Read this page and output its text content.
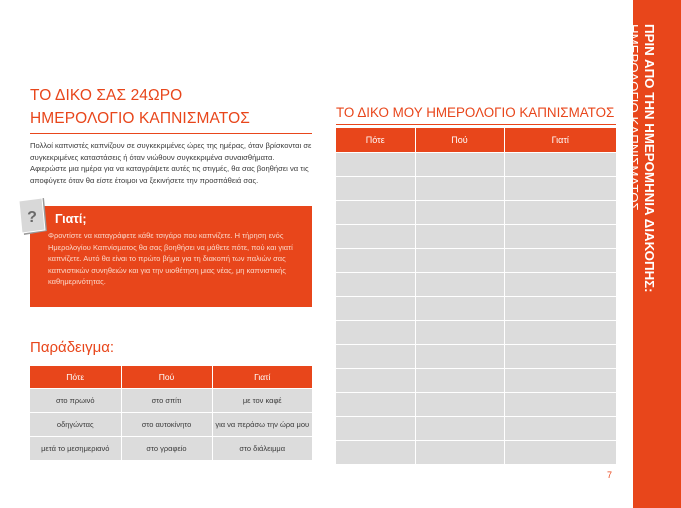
ΤΟ ΔΙΚΟ ΣΑΣ 24ΩΡΟ
ΗΜΕΡΟΛΟΓΙΟ ΚΑΠΝΙΣΜΑΤΟΣ

Πολλοί καπνιστές καπνίζουν σε συγκεκριμένες ώρες της ημέρας, όταν βρίσκονται σε συγκεκριμένες καταστάσεις ή όταν νιώθουν συγκεκριμένα συναισθήματα. Αφιερώστε μια ημέρα για να καταγράψετε αυτές τις στιγμές, θα σας βοηθήσει να τις αποφύγετε όταν θα είστε έτοιμοι να ξεκινήσετε την προσπάθειά σας.

Γιατί;

Φροντίστε να καταγράφετε κάθε τσιγάρο που καπνίζετε. Η τήρηση ενός Ημερολογίου Καπνίσματος θα σας βοηθήσει να μάθετε πότε, πού και γιατί καπνίζετε. Αυτό θα είναι το πρώτο βήμα για τη διακοπή των παλιών σας καπνιστικών συνηθειών και για την υιοθέτηση μιας νέας, μη καπνιστικής καθημερινότητας.

?
Παράδειγμα:
Πότε	Πού	Γιατί
στο πρωινό	στο σπίτι	με τον καφέ
οδηγώντας	στο αυτοκίνητο	για να περάσω την ώρα μου
μετά το μεσημεριανό	στο γραφείο	στο διάλειμμα
ΤΟ ΔΙΚΟ ΜΟΥ ΗΜΕΡΟΛΟΓΙΟ ΚΑΠΝΙΣΜΑΤΟΣ
Πότε	Πού	Γιατί

7
ΠΡΙΝ ΑΠΟ ΤΗΝ ΗΜΕΡΟΜΗΝΙΑ ΔΙΑΚΟΠΗΣ:
ΗΜΕΡΟΛΟΓΙΟ ΚΑΠΝΙΣΜΑΤΟΣ
